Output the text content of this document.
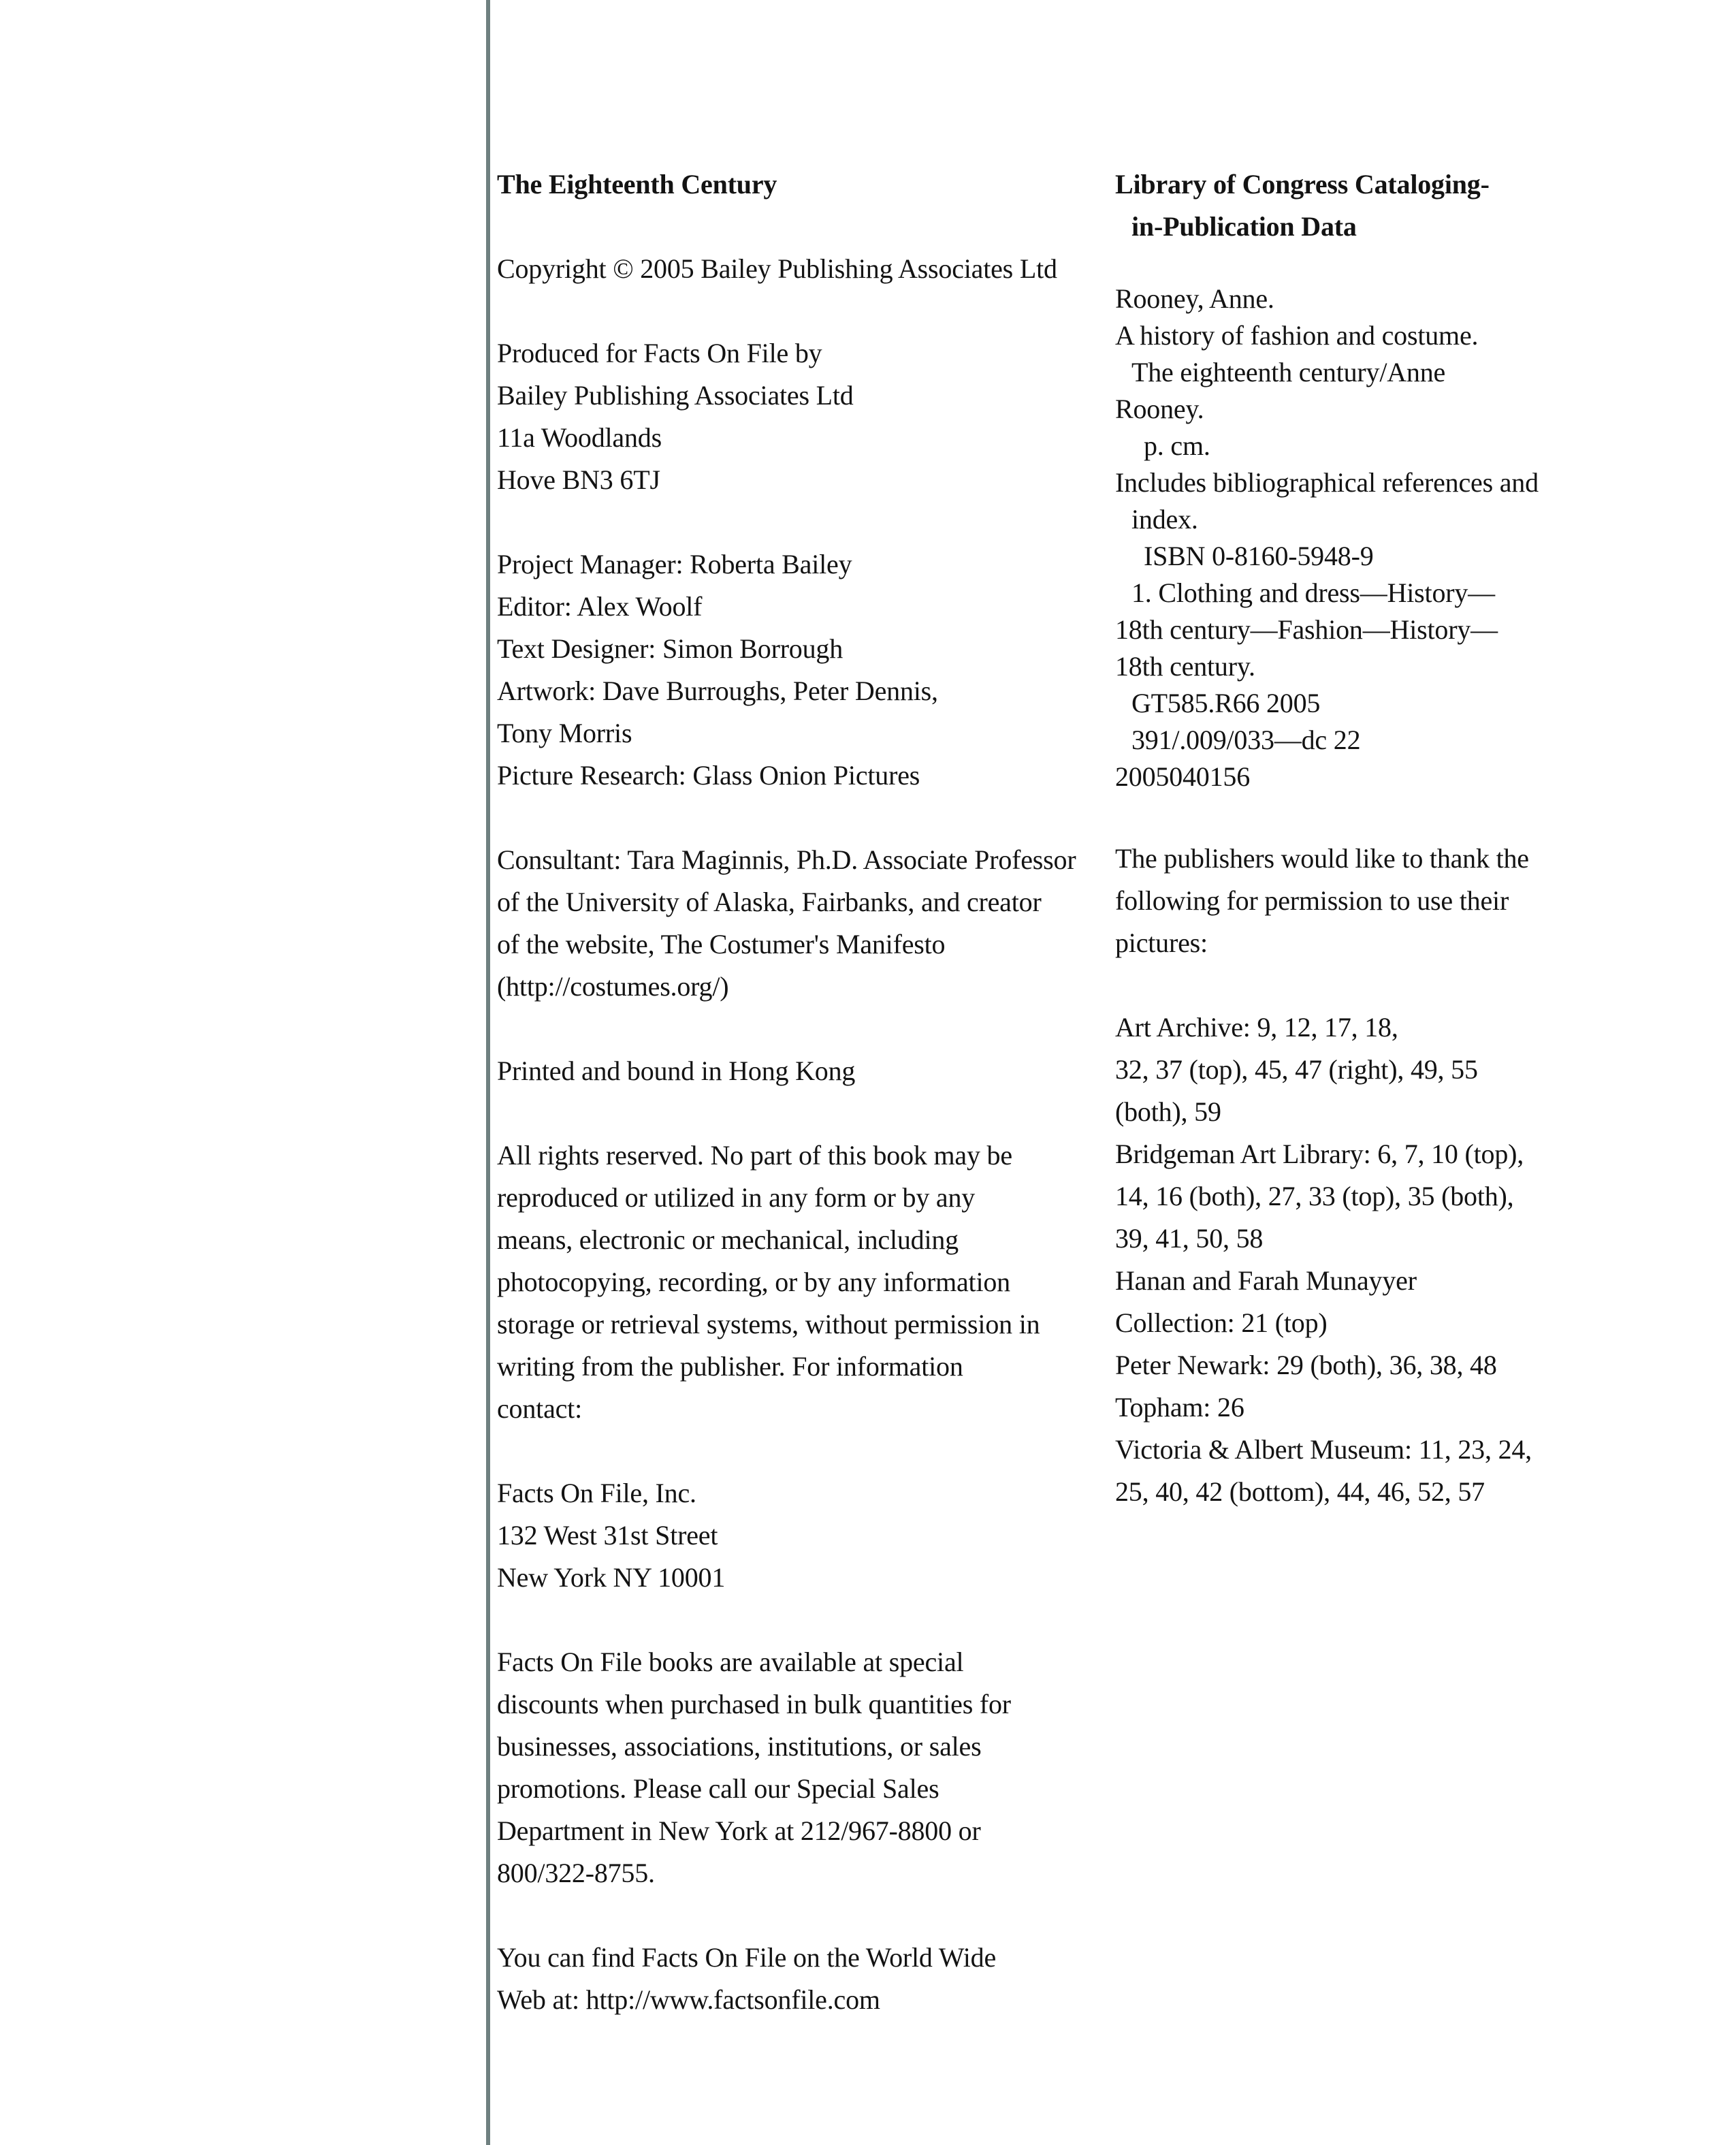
The Eighteenth Century
Copyright © 2005 Bailey Publishing Associates Ltd
Produced for Facts On File by
Bailey Publishing Associates Ltd
11a Woodlands
Hove BN3 6TJ
Project Manager: Roberta Bailey
Editor: Alex Woolf
Text Designer: Simon Borrough
Artwork: Dave Burroughs, Peter Dennis,
Tony Morris
Picture Research: Glass Onion Pictures
Consultant: Tara Maginnis, Ph.D. Associate Professor
of the University of Alaska, Fairbanks, and creator
of the website, The Costumer's Manifesto
(http://costumes.org/)
Printed and bound in Hong Kong
All rights reserved. No part of this book may be
reproduced or utilized in any form or by any
means, electronic or mechanical, including
photocopying, recording, or by any information
storage or retrieval systems, without permission in
writing from the publisher. For information
contact:
Facts On File, Inc.
132 West 31st Street
New York NY 10001
Facts On File books are available at special
discounts when purchased in bulk quantities for
businesses, associations, institutions, or sales
promotions. Please call our Special Sales
Department in New York at 212/967-8800 or
800/322-8755.
You can find Facts On File on the World Wide
Web at: http://www.factsonfile.com
Library of Congress Cataloging-
in-Publication Data
Rooney, Anne.
A history of fashion and costume.
The eighteenth century/Anne
Rooney.
p. cm.
Includes bibliographical references and
index.
ISBN 0-8160-5948-9
1. Clothing and dress—History—
18th century—Fashion—History—
18th century.
GT585.R66 2005
391/.009/033—dc 22
2005040156
The publishers would like to thank the
following for permission to use their
pictures:
Art Archive: 9, 12, 17, 18,
32, 37 (top), 45, 47 (right), 49, 55
(both), 59
Bridgeman Art Library: 6, 7, 10 (top),
14, 16 (both), 27, 33 (top), 35 (both),
39, 41, 50, 58
Hanan and Farah Munayyer
Collection: 21 (top)
Peter Newark: 29 (both), 36, 38, 48
Topham: 26
Victoria & Albert Museum: 11, 23, 24,
25, 40, 42 (bottom), 44, 46, 52, 57
